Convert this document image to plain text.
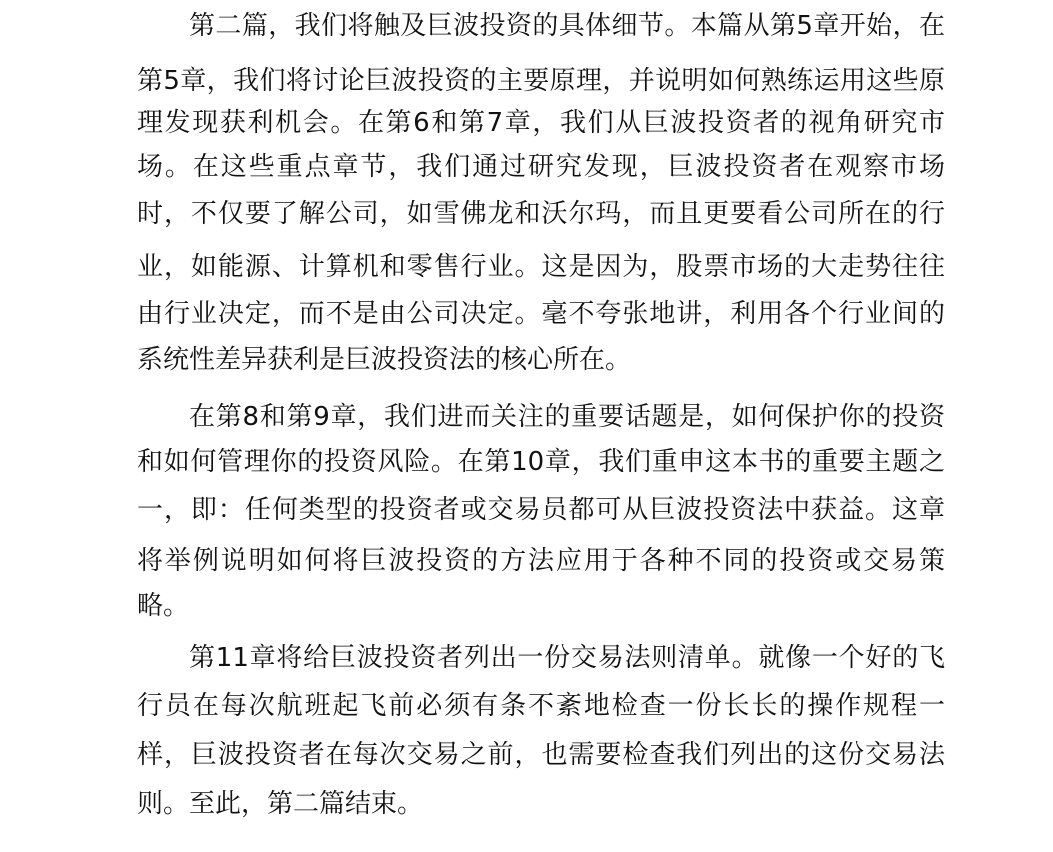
第二篇，我们将触及巨波投资的具体细节。本篇从第5章开始，在
第5章，我们将讨论巨波投资的主要原理，并说明如何熟练运用这些原
理发现获利机会。在第6和第7章，我们从巨波投资者的视角研究市
场。在这些重点章节，我们通过研究发现，巨波投资者在观察市场
时，不仅要了解公司，如雪佛龙和沃尔玛，而且更要看公司所在的行
业，如能源、计算机和零售行业。这是因为，股票市场的大走势往往
由行业决定，而不是由公司决定。毫不夸张地讲，利用各个行业间的
系统性差异获利是巨波投资法的核心所在。
在第8和第9章，我们进而关注的重要话题是，如何保护你的投资
和如何管理你的投资风险。在第10章，我们重申这本书的重要主题之
一，即：任何类型的投资者或交易员都可从巨波投资法中获益。这章
将举例说明如何将巨波投资的方法应用于各种不同的投资或交易策
略。
第11章将给巨波投资者列出一份交易法则清单。就像一个好的飞
行员在每次航班起飞前必须有条不紊地检查一份长长的操作规程一
样，巨波投资者在每次交易之前，也需要检查我们列出的这份交易法
则。至此，第二篇结束。
